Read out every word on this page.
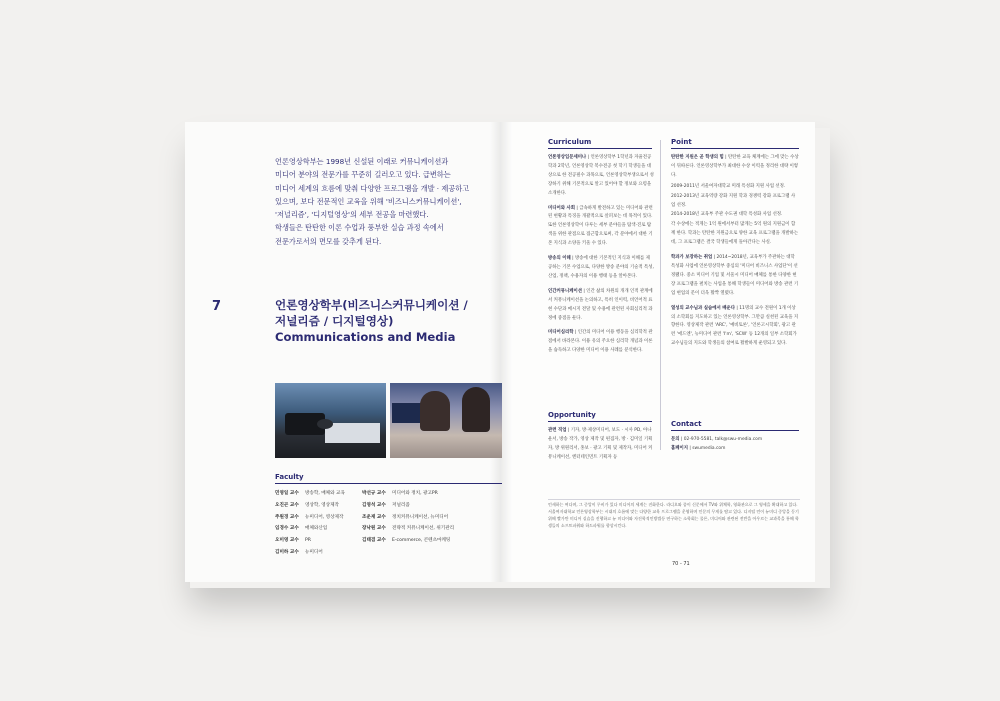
언론영상학부는 1998년 신설된 이래로 커뮤니케이션과

미디어 분야의 전문가를 꾸준히 길러오고 있다. 급변하는

미디어 세계의 흐름에 맞춰 다양한 프로그램을 개발 · 제공하고

있으며, 보다 전문적인 교육을 위해 '비즈니스커뮤니케이션',

'저널리즘', '디지털영상'의 세부 전공을 마련했다.

학생들은 탄탄한 이론 수업과 풍부한 실습 과정 속에서

전문가로서의 면모를 갖추게 된다.

7	언론영상학부(비즈니스커뮤니케이션 /
저널리즘 / 디지털영상)
Communications and Media
Faculty
민영일 교수 방송학, 매체와 교육
오진곤 교수 영상학, 영상제작
주원경 교수 뉴미디어, 영상제작
임경수 교수 매체와산업
오미영 교수 PR
김미하 교수 뉴미디어
박선규 교수 미디어와 정치, 광고PR
김영석 교수 저널리즘
조운재 교수 정치커뮤니케이션, 뉴미디어
장낙원 교수 전략적 커뮤니케이션, 위기관리
김태겸 교수 E-commerce, 콘텐츠마케팅
Curriculum

언론영상입문세미나 | 언론영상학부 1학년과 자율전공학과 2학년, 언론영상학 복수전공 첫 학기 학생들을 대상으로 한 전공필수 과목으로, 언론영상학부생으로서 성장하기 위해 기본적으로 알고 있어야 할 정보와 요령을 소개한다.

미디어와 사회 | 급속하게 발전하고 있는 미디어와 관련된 현황과 특징을 개괄적으로 살펴보는 데 목적이 있다. 또한 언론영상학이 다루는 세부 분야들을 탐색·진로 탐색을 위한 관점으로 접근함으로써, 각 분야에서 대한 기본 지식과 소양을 키울 수 있다.

방송의 이해 | 방송에 대한 기본적인 지식과 이해를 제공하는 기본 수업으로, 다양한 방송 분야의 기술적 특성, 산업, 정책, 수용자의 이용 행태 등을 알아본다.

인간커뮤니케이션 | 인간 삶의 차원의 개개 인적 관계에서 커뮤니케이션을 논의하고, 특히 인이력, 비언어적 표현 수단과 메시지 전달 및 수용에 관련된 사회심리적 과정에 중점을 둔다.

미디어심리학 | 인간의 미디어 이용 행동을 심리학적 관점에서 바라본다. 이용 유의 주요한 심리학 개념과 이론을 습득하고 다양한 미디어 이용 사례를 분석한다.

Opportunity

관련 직업 | 기자, 방·제상미디어, 보도 · 시사 PD, 아나운서, 방송 작가, 영상 제작 및 편집자, 방 · 김미일 기획자, 방 위원리서, 홍보 · 광고 기획 및 제작자, 미디어 커뮤니케이션, 엔터테인먼트 기획자 등

Point

탄탄한 지원은 곧 학생의 힘 | 탄탄한 교육 체계에는 그에 맞는 수상이 뒤따른다. 언론영상학부가 최대한 수상 이력을 정리한 대략 이렇다.

2009-2011년 서울여자대학교 미래 특성화 지원 사업 선정.

2012-2013년 교육역량 강화 지원 학과 경쟁력 강화 프로그램 사업 선정.

2014-2018년 교육부 주관 수도권 대학 특성화 사업 선정.

각 수상에는 적게는 1억 원에서부터 많게는 5억 원의 지원금이 함께 한다. 학과는 탄탄한 지원금으로 양한 교육 프로그램을 개발하는데, 그 프로그램은 결국 학생들에게 돌아간다는 사실.

학과가 보장하는 취업 | 2014~2018년, 교육부가 주관하는 대학 특성화 사업에 언론영상학부 중심의 '미디어 비즈니스 사업단'이 선정됐다. 중소 미디어 기업 및 서울시 미디어 매체를 통한 다양한 현장 프로그램을 펼치는 사업을 통해 학생들이 미디어와 방송 관련 기업 현업의 문이 더욱 활짝 열렸다.

열성의 교수님과 실습에서 배운다 | 11명의 교수 전원이 1개 이상의 소학회를 지도하고 있는 언론영상학부. 그만큼 실천된 교육을 지향한다. 영상제작 관련 'ARC', '예비토론', '언론고시학회', 광고 관련 '애드엔', 뉴미디어 관련 'I'm', 'SCW' 등 12개의 일부 소학회가 교수님들의 지도와 학생들의 참여로 활발하게 운영되고 있다.

Contact
문의 | 02-970-5581, talk@swu-media.com
홈페이지 | swumedia.com
언새하는 여다며, 그 중앙이 무비가 있다 미디어의 세계는 진화한다. 라디오와 종이 신문에서 TV와 위체학, 영화관으로 그 영세을 확대하고 있다. 서울여자대학교 언론영상학부는 시대의 흐름에 맞는 다양한 교육 프로그램을 운영하며 인문의 무게를 탐고 있다. 디지털 언이 뉴미디 중앙을 동기 위해 빨가만 미디어 실습을 진행하고 뉴 미디어와 자진학적인방법등 연구하는 소학회는 물론, 미디어와 관련된 전반을 아우르는 교과목을 통해 학생들의 소프트파워와 하드파워를 향상시킨다.
70 - 71
